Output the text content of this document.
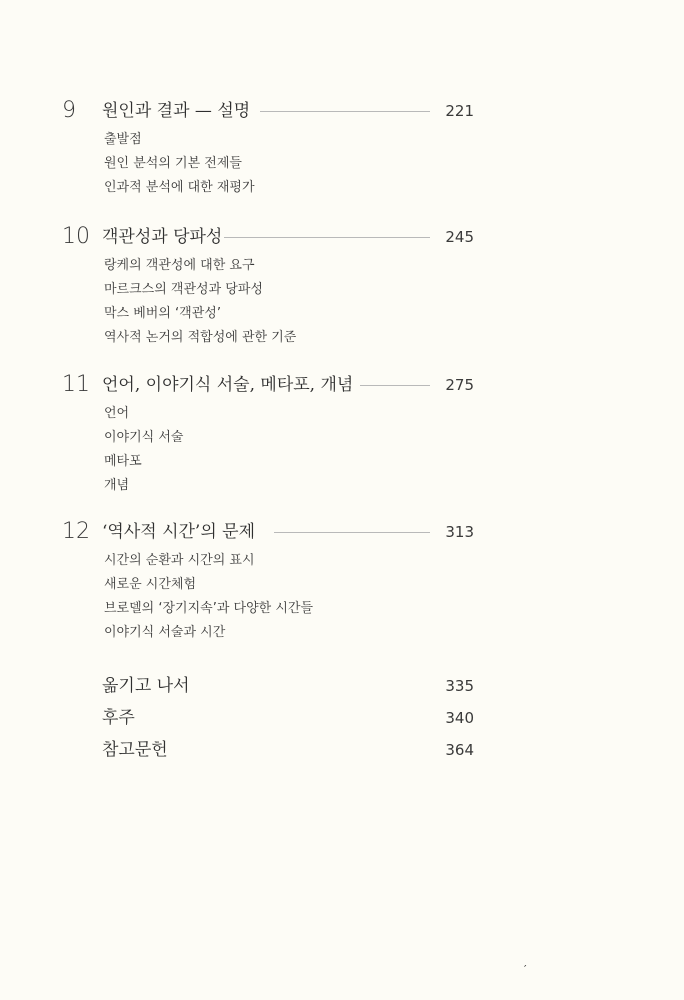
9 원인과 결과 — 설명	221
출발점
원인 분석의 기본 전제들
인과적 분석에 대한 재평가
10 객관성과 당파성	245
랑케의 객관성에 대한 요구
마르크스의 객관성과 당파성
막스 베버의 ‘객관성’
역사적 논거의 적합성에 관한 기준
11 언어, 이야기식 서술, 메타포, 개념	275
언어
이야기식 서술
메타포
개념
12 ‘역사적 시간’의 문제	313
시간의 순환과 시간의 표시
새로운 시간체험
브로델의 ‘장기지속’과 다양한 시간들
이야기식 서술과 시간
옮기고 나서	335
후주	340
참고문헌	364
′
